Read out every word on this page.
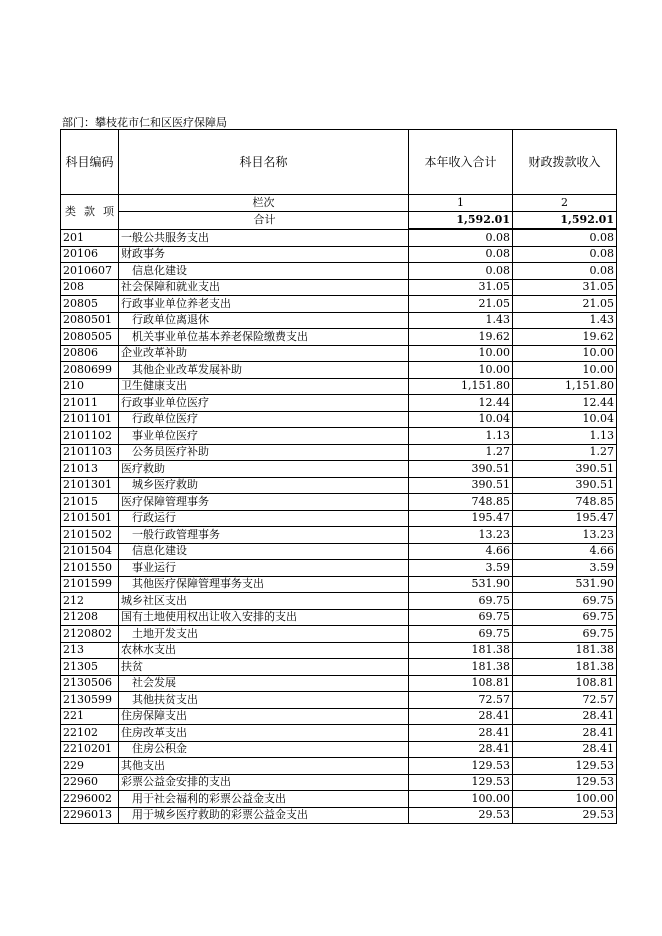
部门：攀枝花市仁和区医疗保障局
科目编码	科目名称	本年收入合计	财政拨款收入

类 款 项	栏次	1	2
	合计	1,592.01	1,592.01
201	一般公共服务支出	0.08	0.08
20106	财政事务	0.08	0.08
2010607	信息化建设	0.08	0.08
208	社会保障和就业支出	31.05	31.05
20805	行政事业单位养老支出	21.05	21.05
2080501	行政单位离退休	1.43	1.43
2080505	机关事业单位基本养老保险缴费支出	19.62	19.62
20806	企业改革补助	10.00	10.00
2080699	其他企业改革发展补助	10.00	10.00
210	卫生健康支出	1,151.80	1,151.80
21011	行政事业单位医疗	12.44	12.44
2101101	行政单位医疗	10.04	10.04
2101102	事业单位医疗	1.13	1.13
2101103	公务员医疗补助	1.27	1.27
21013	医疗救助	390.51	390.51
2101301	城乡医疗救助	390.51	390.51
21015	医疗保障管理事务	748.85	748.85
2101501	行政运行	195.47	195.47
2101502	一般行政管理事务	13.23	13.23
2101504	信息化建设	4.66	4.66
2101550	事业运行	3.59	3.59
2101599	其他医疗保障管理事务支出	531.90	531.90
212	城乡社区支出	69.75	69.75
21208	国有土地使用权出让收入安排的支出	69.75	69.75
2120802	土地开发支出	69.75	69.75
213	农林水支出	181.38	181.38
21305	扶贫	181.38	181.38
2130506	社会发展	108.81	108.81
2130599	其他扶贫支出	72.57	72.57
221	住房保障支出	28.41	28.41
22102	住房改革支出	28.41	28.41
2210201	住房公积金	28.41	28.41
229	其他支出	129.53	129.53
22960	彩票公益金安排的支出	129.53	129.53
2296002	用于社会福利的彩票公益金支出	100.00	100.00
2296013	用于城乡医疗救助的彩票公益金支出	29.53	29.53
